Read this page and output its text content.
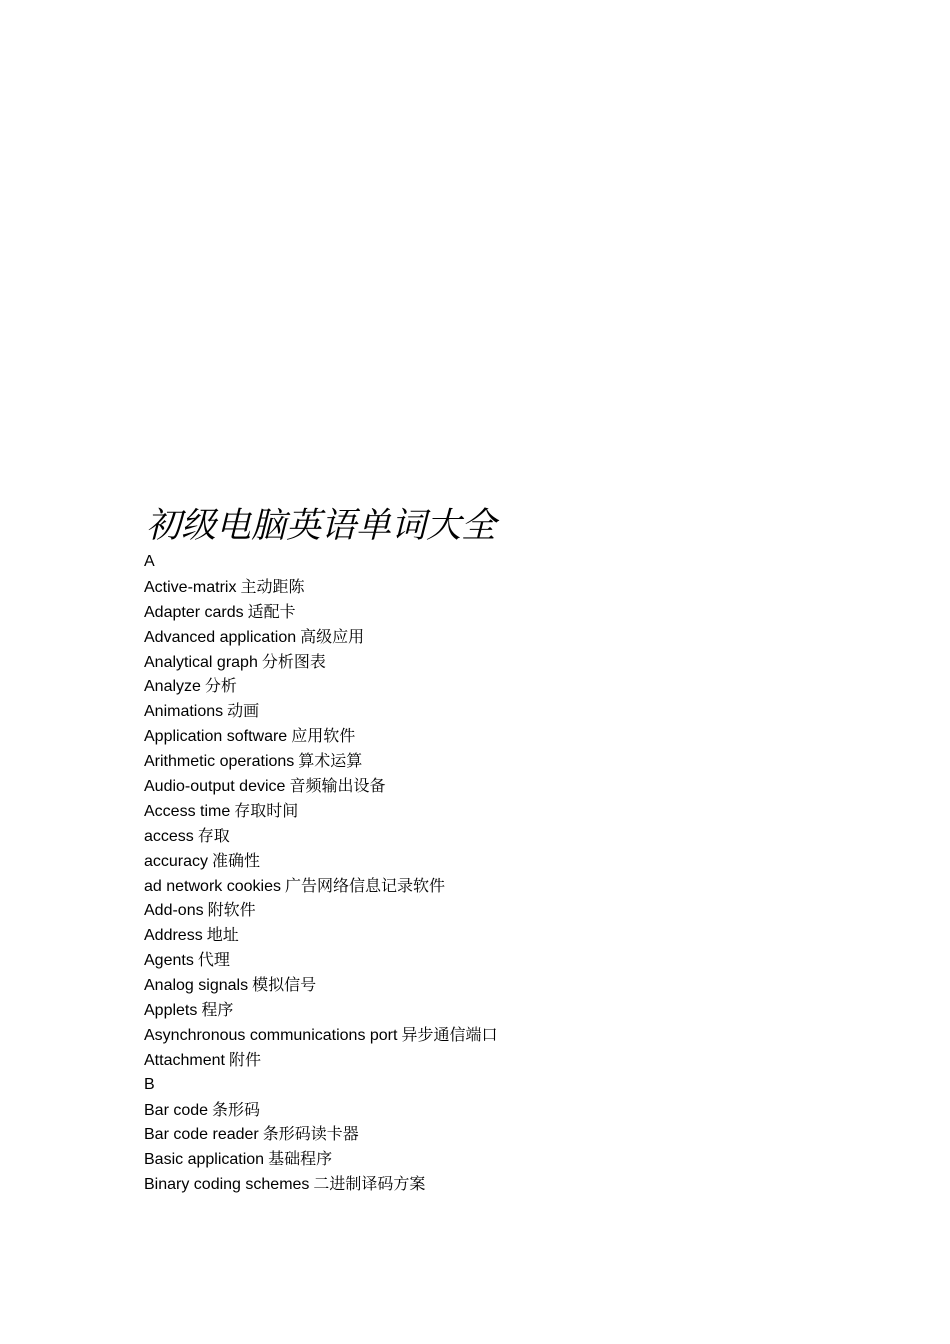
初级电脑英语单词大全
A
Active-matrix 主动距陈
Adapter cards 适配卡
Advanced application 高级应用
Analytical graph 分析图表
Analyze 分析
Animations 动画
Application software 应用软件
Arithmetic operations 算术运算
Audio-output device 音频输出设备
Access time 存取时间
access 存取
accuracy 准确性
ad network cookies 广告网络信息记录软件
Add-ons 附软件
Address 地址
Agents 代理
Analog signals 模拟信号
Applets 程序
Asynchronous communications port 异步通信端口
Attachment 附件
B
Bar code 条形码
Bar code reader 条形码读卡器
Basic application 基础程序
Binary coding schemes 二进制译码方案
